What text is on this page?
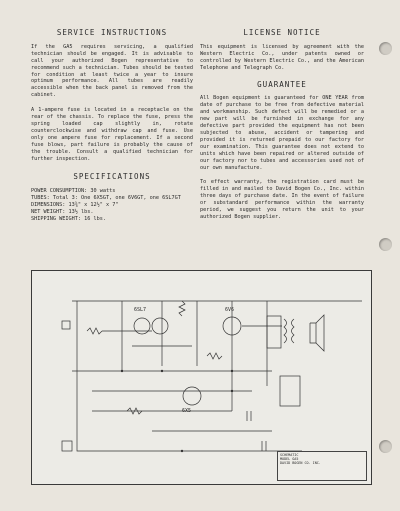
SERVICE INSTRUCTIONS

If the GA5 requires servicing, a qualified technician should be engaged. It is advisable to call your authorized Bogen representative to recommend such a technician. Tubes should be tested for condition at least twice a year to insure optimum performance. All tubes are readily accessible when the back panel is removed from the cabinet.

A 1-ampere fuse is located in a receptacle on the rear of the chassis. To replace the fuse, press the spring loaded cap slightly in, rotate counterclockwise and withdraw cap and fuse. Use only one ampere fuse for replacement. If a second fuse blows, part failure is probably the cause of the trouble. Consult a qualified technician for further inspection.

SPECIFICATIONS
POWER CONSUMPTION: 30 watts
TUBES: Total 3: One 6X5GT, one 6V6GT, one 6SL7GT
DIMENSIONS: 13¾" x 12½" x 7"
NET WEIGHT: 13½ lbs.
SHIPPING WEIGHT: 16 lbs.
LICENSE NOTICE

This equipment is licensed by agreement with the Western Electric Co., under patents owned or controlled by Western Electric Co., and the American Telephone and Telegraph Co.

GUARANTEE

All Bogen equipment is guaranteed for ONE YEAR from date of purchase to be free from defective material and workmanship. Such defect will be remedied or a new part will be furnished in exchange for any defective part provided the equipment has not been subjected to abuse, accident or tampering and provided it is returned prepaid to our factory for our examination. This guarantee does not extend to units which have been repaired or altered outside of our factory nor to tubes and accessories used not of our own manufacture.

To effect warranty, the registration card must be filled in and mailed to David Bogen Co., Inc. within three days of purchase date. In the event of failure or substandard performance within the warranty period, we suggest you return the unit to your authorized Bogen supplier.

6SL7	6V6
6X5
SCHEMATIC
MODEL GA5
DAVID BOGEN CO. INC.
